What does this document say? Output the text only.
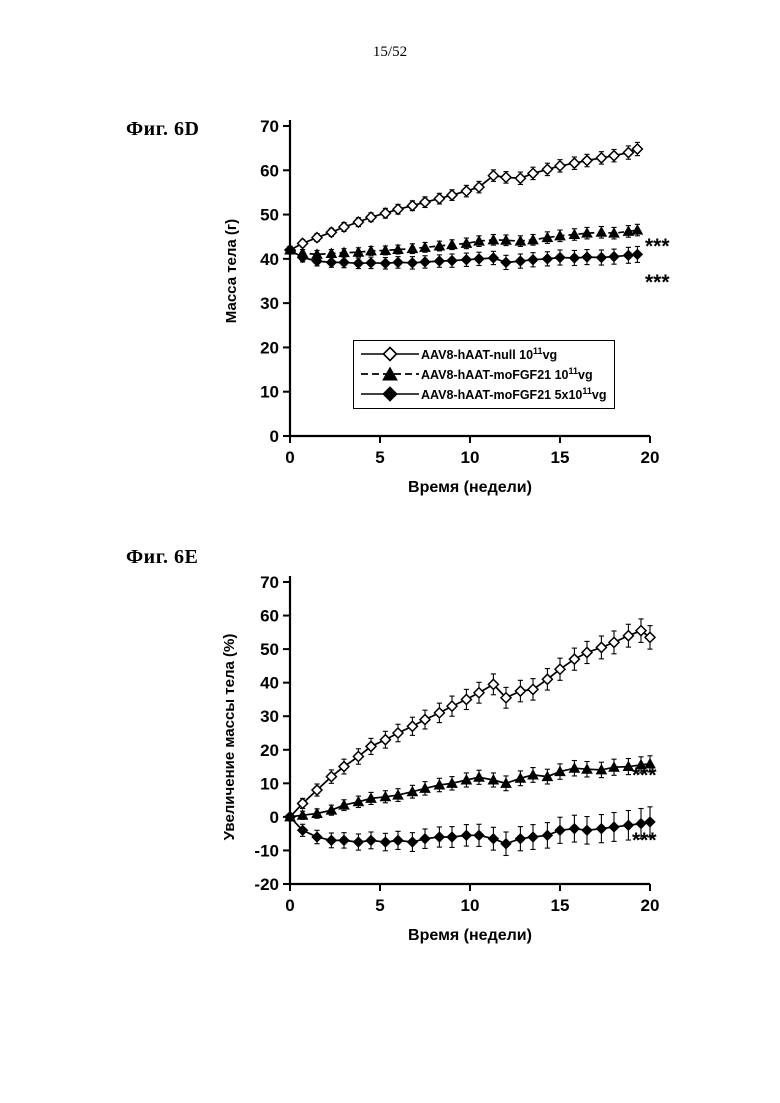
15/52
Фиг. 6D
0
10
20
30
40
50
60
70
0	5	10	15	20
Время (недели)
Масса тела (г)	***
***
AAV8-hAAT-null $10^{11}vg$
AAV8-hAAT-moFGF21 $10^{11}vg$
AAV8-hAAT-moFGF21 $5x10^{11}vg$
Фиг. 6E
-20
-10
0
10
20
30
40
50
60
70
0	5	10	15	20
Время (недели)
Увеличение массы тела (%)	***
***
